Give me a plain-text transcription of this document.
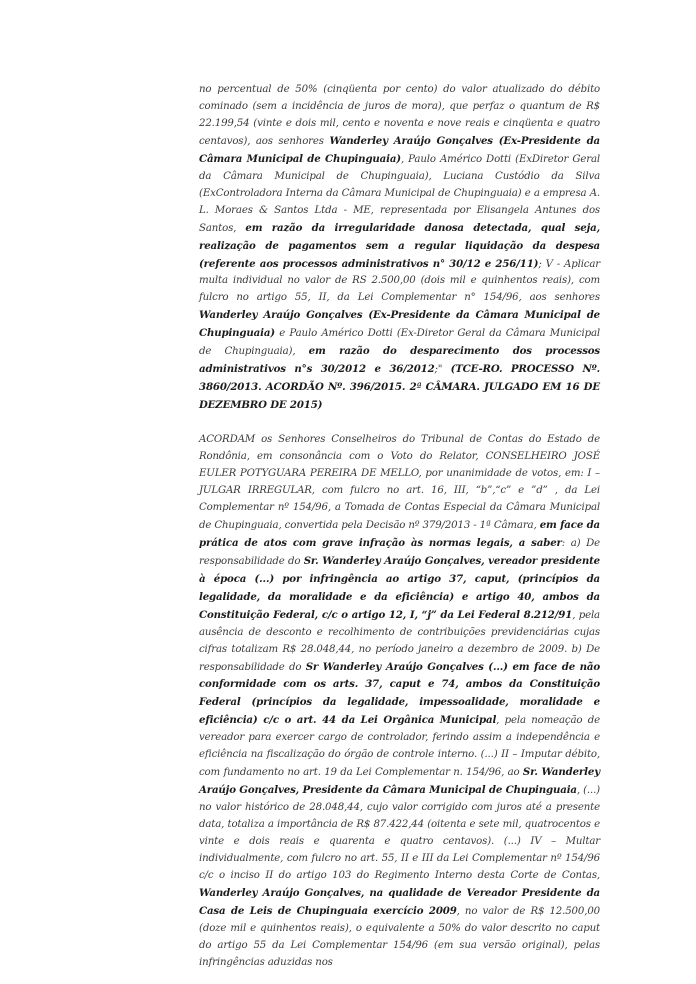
no percentual de 50% (cinqüenta por cento) do valor atualizado do débito cominado (sem a incidência de juros de mora), que perfaz o quantum de R$ 22.199,54 (vinte e dois mil, cento e noventa e nove reais e cinqüenta e quatro centavos), aos senhores Wanderley Araújo Gonçalves (Ex-Presidente da Câmara Municipal de Chupinguaia), Paulo Américo Dotti (ExDiretor Geral da Câmara Municipal de Chupinguaia), Luciana Custódio da Silva (ExControladora Interna da Câmara Municipal de Chupinguaia) e a empresa A. L. Moraes & Santos Ltda - ME, representada por Elisangela Antunes dos Santos, em razão da irregularidade danosa detectada, qual seja, realização de pagamentos sem a regular liquidação da despesa (referente aos processos administrativos n° 30/12 e 256/11); V - Aplicar multa individual no valor de RS 2.500,00 (dois mil e quinhentos reais), com fulcro no artigo 55, II, da Lei Complementar n° 154/96, aos senhores Wanderley Araújo Gonçalves (Ex-Presidente da Câmara Municipal de Chupinguaia) e Paulo Américo Dotti (Ex-Diretor Geral da Câmara Municipal de Chupinguaia), em razão do desparecimento dos processos administrativos n°s 30/2012 e 36/2012;" (TCE-RO. PROCESSO Nº. 3860/2013. ACORDÃO Nº. 396/2015. 2ª CÂMARA. JULGADO EM 16 DE DEZEMBRO DE 2015)

ACORDAM os Senhores Conselheiros do Tribunal de Contas do Estado de Rondônia, em consonância com o Voto do Relator, CONSELHEIRO JOSÉ EULER POTYGUARA PEREIRA DE MELLO, por unanimidade de votos, em: I – JULGAR IRREGULAR, com fulcro no art. 16, III, “b”,“c” e ”d” , da Lei Complementar nº 154/96, a Tomada de Contas Especial da Câmara Municipal de Chupinguaia, convertida pela Decisão nº 379/2013 - 1ª Câmara, em face da prática de atos com grave infração às normas legais, a saber: a) De responsabilidade do Sr. Wanderley Araújo Gonçalves, vereador presidente à época (...) por infringência ao artigo 37, caput, (princípios da legalidade, da moralidade e da eficiência) e artigo 40, ambos da Constituição Federal, c/c o artigo 12, I, “j” da Lei Federal 8.212/91, pela ausência de desconto e recolhimento de contribuições previdenciárias cujas cifras totalizam R$ 28.048,44, no período janeiro a dezembro de 2009. b) De responsabilidade do Sr Wanderley Araújo Gonçalves (...) em face de não conformidade com os arts. 37, caput e 74, ambos da Constituição Federal (princípios da legalidade, impessoalidade, moralidade e eficiência) c/c o art. 44 da Lei Orgânica Municipal, pela nomeação de vereador para exercer cargo de controlador, ferindo assim a independência e eficiência na fiscalização do órgão de controle interno. (...) II – Imputar débito, com fundamento no art. 19 da Lei Complementar n. 154/96, ao Sr. Wanderley Araújo Gonçalves, Presidente da Câmara Municipal de Chupinguaia, (...) no valor histórico de 28.048,44, cujo valor corrigido com juros até a presente data, totaliza a importância de R$ 87.422,44 (oitenta e sete mil, quatrocentos e vinte e dois reais e quarenta e quatro centavos). (...) IV – Multar individualmente, com fulcro no art. 55, II e III da Lei Complementar nº 154/96 c/c o inciso II do artigo 103 do Regimento Interno desta Corte de Contas, Wanderley Araújo Gonçalves, na qualidade de Vereador Presidente da Casa de Leis de Chupinguaia exercício 2009, no valor de R$ 12.500,00 (doze mil e quinhentos reais), o equivalente a 50% do valor descrito no caput do artigo 55 da Lei Complementar 154/96 (em sua versão original), pelas infringências aduzidas nos
